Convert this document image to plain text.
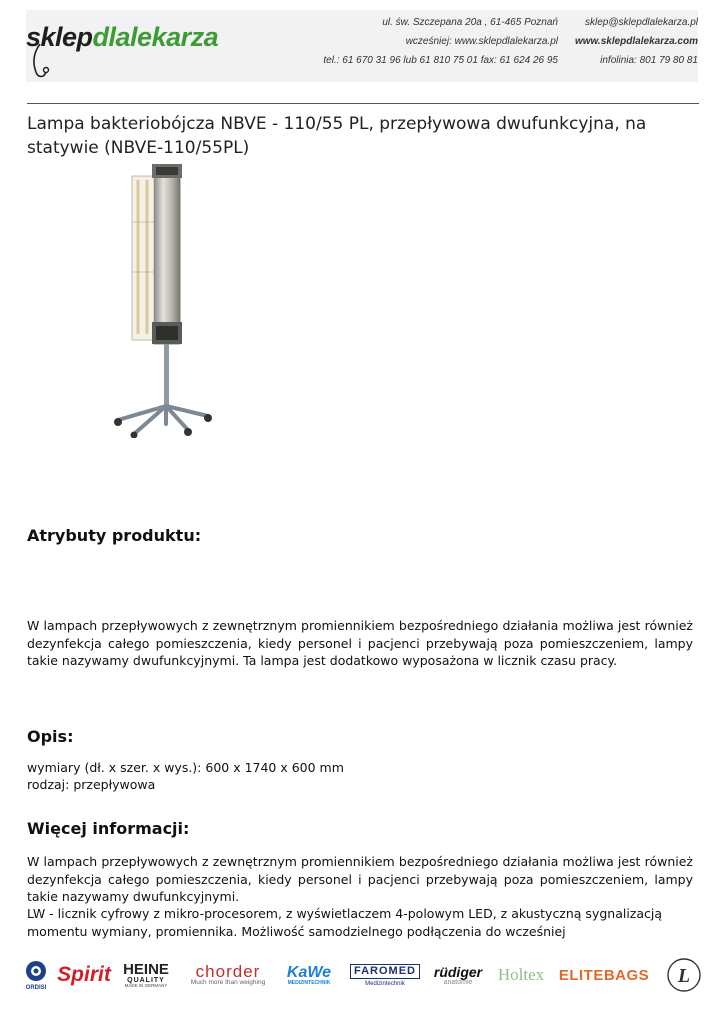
sklepdlalekarza	ul. św. Szczepana 20a , 61-465 Poznań
wcześniej: www.sklepdlalekarza.pl
tel.: 61 670 31 96 lub 61 810 75 01 fax: 61 624 26 95
sklep@sklepdlalekarza.pl
www.sklepdlalekarza.com
infolinia: 801 79 80 81
Lampa bakteriobójcza NBVE - 110/55 PL, przepływowa dwufunkcyjna, na statywie (NBVE-110/55PL)
Atrybuty produktu:
W lampach przepływowych z zewnętrznym promiennikiem bezpośredniego działania możliwa jest również dezynfekcja całego pomieszczenia, kiedy personel i pacjenci przebywają poza pomieszczeniem, lampy takie nazywamy dwufunkcyjnymi. Ta lampa jest dodatkowo wyposażona w licznik czasu pracy.
Opis:
wymiary (dł. x szer. x wys.): 600 x 1740 x 600 mm
rodzaj: przepływowa
Więcej informacji:
W lampach przepływowych z zewnętrznym promiennikiem bezpośredniego działania możliwa jest również dezynfekcja całego pomieszczenia, kiedy personel i pacjenci przebywają poza pomieszczeniem, lampy takie nazywamy dwufunkcyjnymi.
LW - licznik cyfrowy z mikro-procesorem, z wyświetlaczem 4-polowym LED, z akustyczną sygnalizacją momentu wymiany, promiennika. Możliwość samodzielnego podłączenia do wcześniej
ORDISI
Spirit HEINE
QUALITY
MADE IN GERMANY
chorder
Much more than weighing
KaWe
MEDIZINTECHNIK
FAROMED
Medizintechnik
rüdiger
anatomie Holtex ELITEBAGS L
